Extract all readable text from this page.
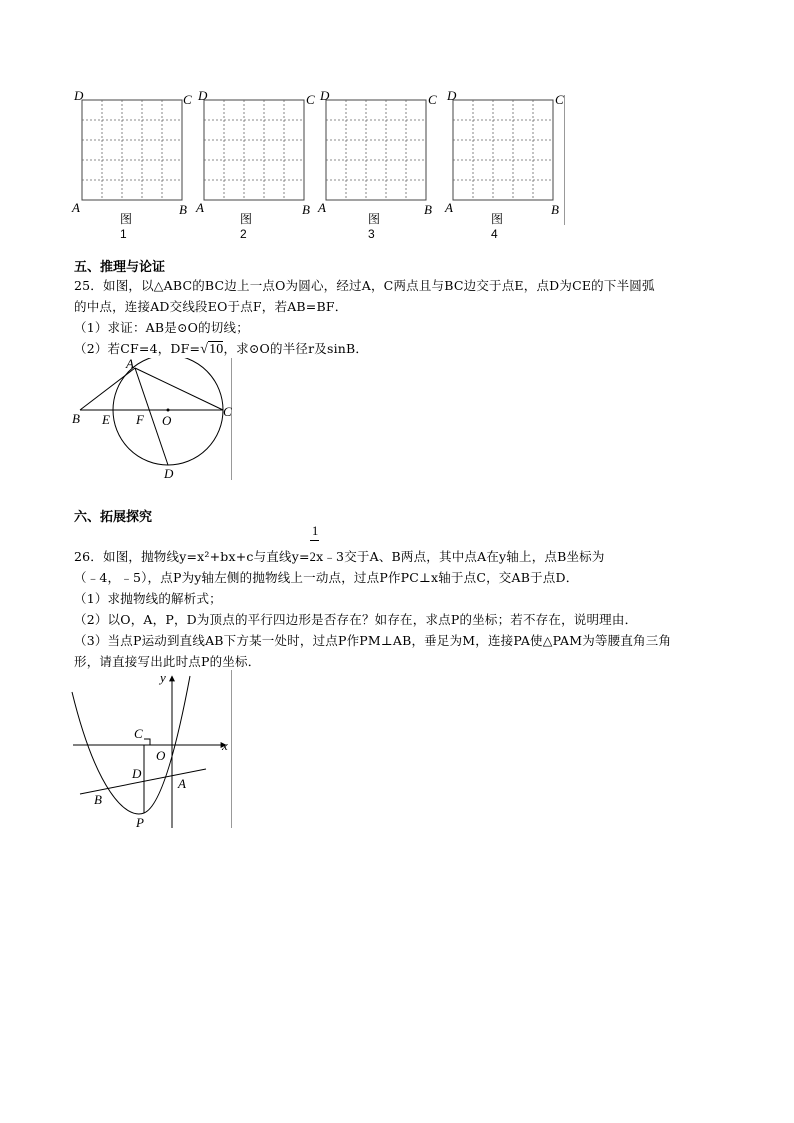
D	C
A	B
图1
D	C
A	B
图2
D	C
A	B
图3
D	C
A	B
图4
五、推理与论证
25．如图，以△ABC的BC边上一点O为圆心，经过A，C两点且与BC边交于点E，点D为CE的下半圆弧
的中点，连接AD交线段EO于点F，若AB=BF．
（1）求证：AB是⊙O的切线；
（2）若CF=4，DF=√10，求⊙O的半径r及sinB．
A
B E F O
C
D
六、拓展探究
1
26．如图，抛物线y=x²+bx+c与直线y=2x﹣3交于A、B两点，其中点A在y轴上，点B坐标为
（﹣4，﹣5），点P为y轴左侧的抛物线上一动点，过点P作PC⊥x轴于点C，交AB于点D．
（1）求抛物线的解析式；
（2）以O，A，P，D为顶点的平行四边形是否存在？如存在，求点P的坐标；若不存在，说明理由．
（3）当点P运动到直线AB下方某一处时，过点P作PM⊥AB，垂足为M，连接PA使△PAM为等腰直角三角
形，请直接写出此时点P的坐标．
y
x
C
O
D
A
B
P
